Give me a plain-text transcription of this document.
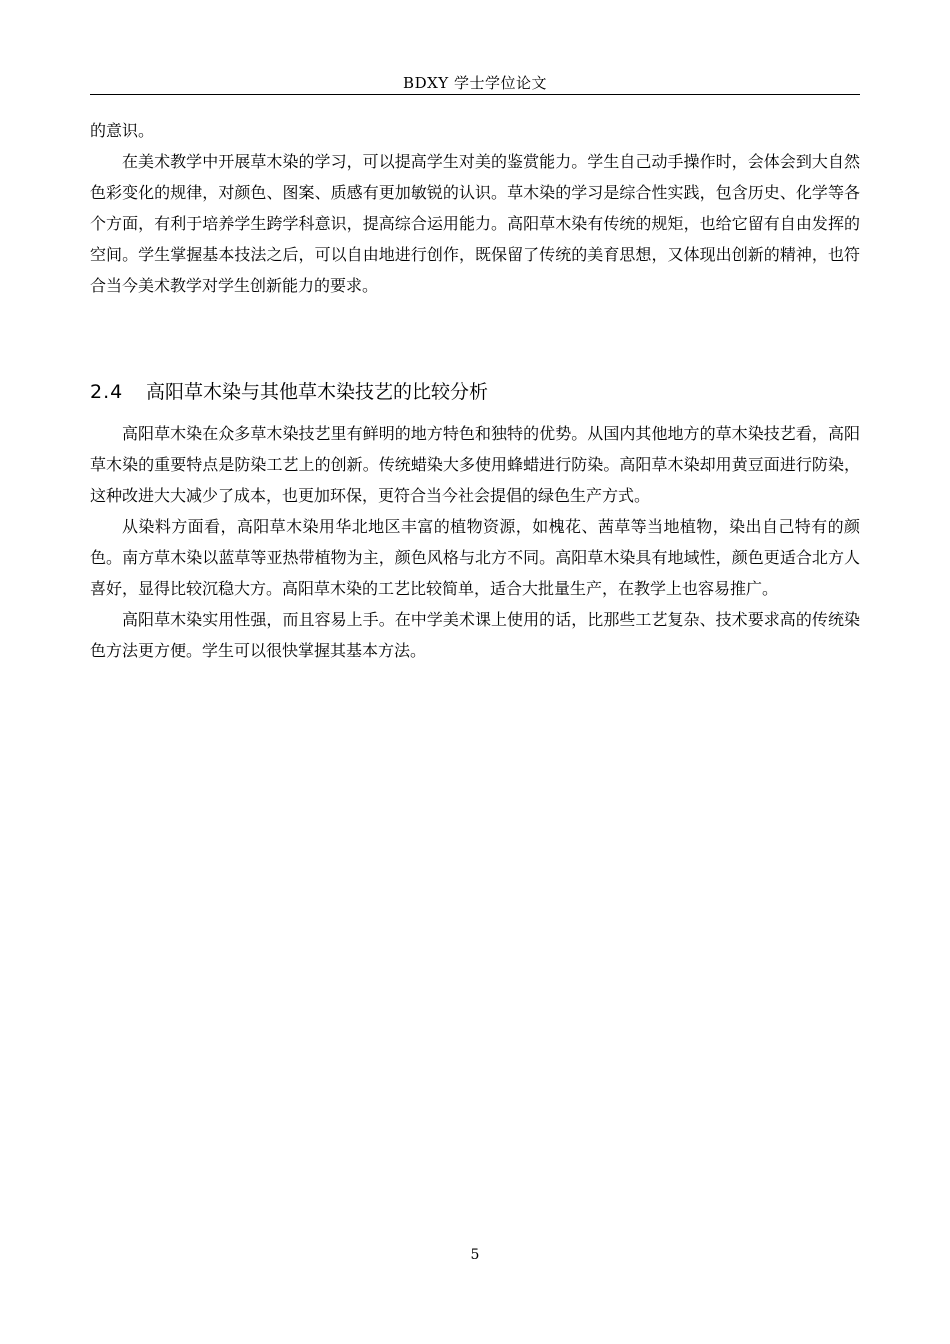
BDXY 学士学位论文

的意识。

在美术教学中开展草木染的学习，可以提高学生对美的鉴赏能力。学生自己动手操作时，会体会到大自然色彩变化的规律，对颜色、图案、质感有更加敏锐的认识。草木染的学习是综合性实践，包含历史、化学等各个方面，有利于培养学生跨学科意识，提高综合运用能力。高阳草木染有传统的规矩，也给它留有自由发挥的空间。学生掌握基本技法之后，可以自由地进行创作，既保留了传统的美育思想，又体现出创新的精神，也符合当今美术教学对学生创新能力的要求。

2.4 高阳草木染与其他草木染技艺的比较分析

高阳草木染在众多草木染技艺里有鲜明的地方特色和独特的优势。从国内其他地方的草木染技艺看，高阳草木染的重要特点是防染工艺上的创新。传统蜡染大多使用蜂蜡进行防染。高阳草木染却用黄豆面进行防染，这种改进大大减少了成本，也更加环保，更符合当今社会提倡的绿色生产方式。

从染料方面看，高阳草木染用华北地区丰富的植物资源，如槐花、茜草等当地植物，染出自己特有的颜色。南方草木染以蓝草等亚热带植物为主，颜色风格与北方不同。高阳草木染具有地域性，颜色更适合北方人喜好，显得比较沉稳大方。高阳草木染的工艺比较简单，适合大批量生产，在教学上也容易推广。

高阳草木染实用性强，而且容易上手。在中学美术课上使用的话，比那些工艺复杂、技术要求高的传统染色方法更方便。学生可以很快掌握其基本方法。

5
